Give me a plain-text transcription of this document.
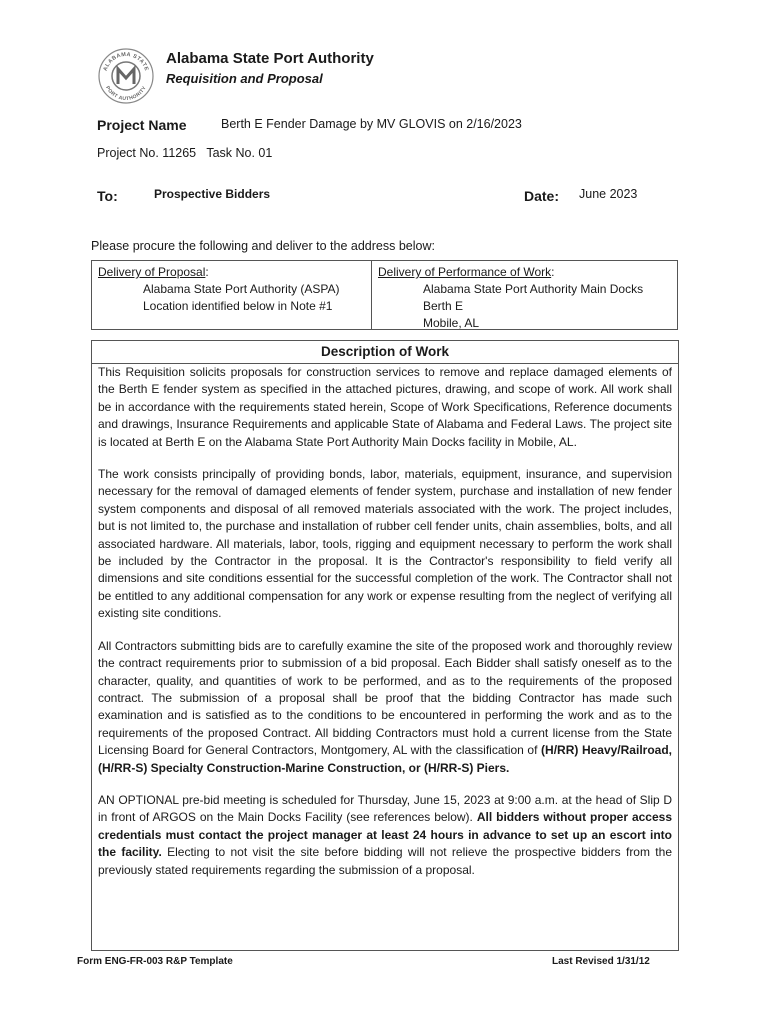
ALABAMA STATE
PORT AUTHORITY
Alabama State Port Authority
Requisition and Proposal
Project Name	Berth E Fender Damage by MV GLOVIS on 2/16/2023
Project No. 11265   Task No. 01
To:	Prospective Bidders	Date: June 2023
Please procure the following and deliver to the address below:
Delivery of Proposal:
Alabama State Port Authority (ASPA)
Location identified below in Note #1
Delivery of Performance of Work:
Alabama State Port Authority Main Docks
Berth E
Mobile, AL
Description of Work

This Requisition solicits proposals for construction services to remove and replace damaged elements of the Berth E fender system as specified in the attached pictures, drawing, and scope of work. All work shall be in accordance with the requirements stated herein, Scope of Work Specifications, Reference documents and drawings, Insurance Requirements and applicable State of Alabama and Federal Laws. The project site is located at Berth E on the Alabama State Port Authority Main Docks facility in Mobile, AL.

The work consists principally of providing bonds, labor, materials, equipment, insurance, and supervision necessary for the removal of damaged elements of fender system, purchase and installation of new fender system components and disposal of all removed materials associated with the work. The project includes, but is not limited to, the purchase and installation of rubber cell fender units, chain assemblies, bolts, and all associated hardware. All materials, labor, tools, rigging and equipment necessary to perform the work shall be included by the Contractor in the proposal. It is the Contractor's responsibility to field verify all dimensions and site conditions essential for the successful completion of the work. The Contractor shall not be entitled to any additional compensation for any work or expense resulting from the neglect of verifying all existing site conditions.

All Contractors submitting bids are to carefully examine the site of the proposed work and thoroughly review the contract requirements prior to submission of a bid proposal. Each Bidder shall satisfy oneself as to the character, quality, and quantities of work to be performed, and as to the requirements of the proposed contract. The submission of a proposal shall be proof that the bidding Contractor has made such examination and is satisfied as to the conditions to be encountered in performing the work and as to the requirements of the proposed Contract. All bidding Contractors must hold a current license from the State Licensing Board for General Contractors, Montgomery, AL with the classification of (H/RR) Heavy/Railroad, (H/RR-S) Specialty Construction-Marine Construction, or (H/RR-S) Piers.

AN OPTIONAL pre-bid meeting is scheduled for Thursday, June 15, 2023 at 9:00 a.m. at the head of Slip D in front of ARGOS on the Main Docks Facility (see references below). All bidders without proper access credentials must contact the project manager at least 24 hours in advance to set up an escort into the facility. Electing to not visit the site before bidding will not relieve the prospective bidders from the previously stated requirements regarding the submission of a proposal.

Form ENG-FR-003 R&P Template	Last Revised 1/31/12
